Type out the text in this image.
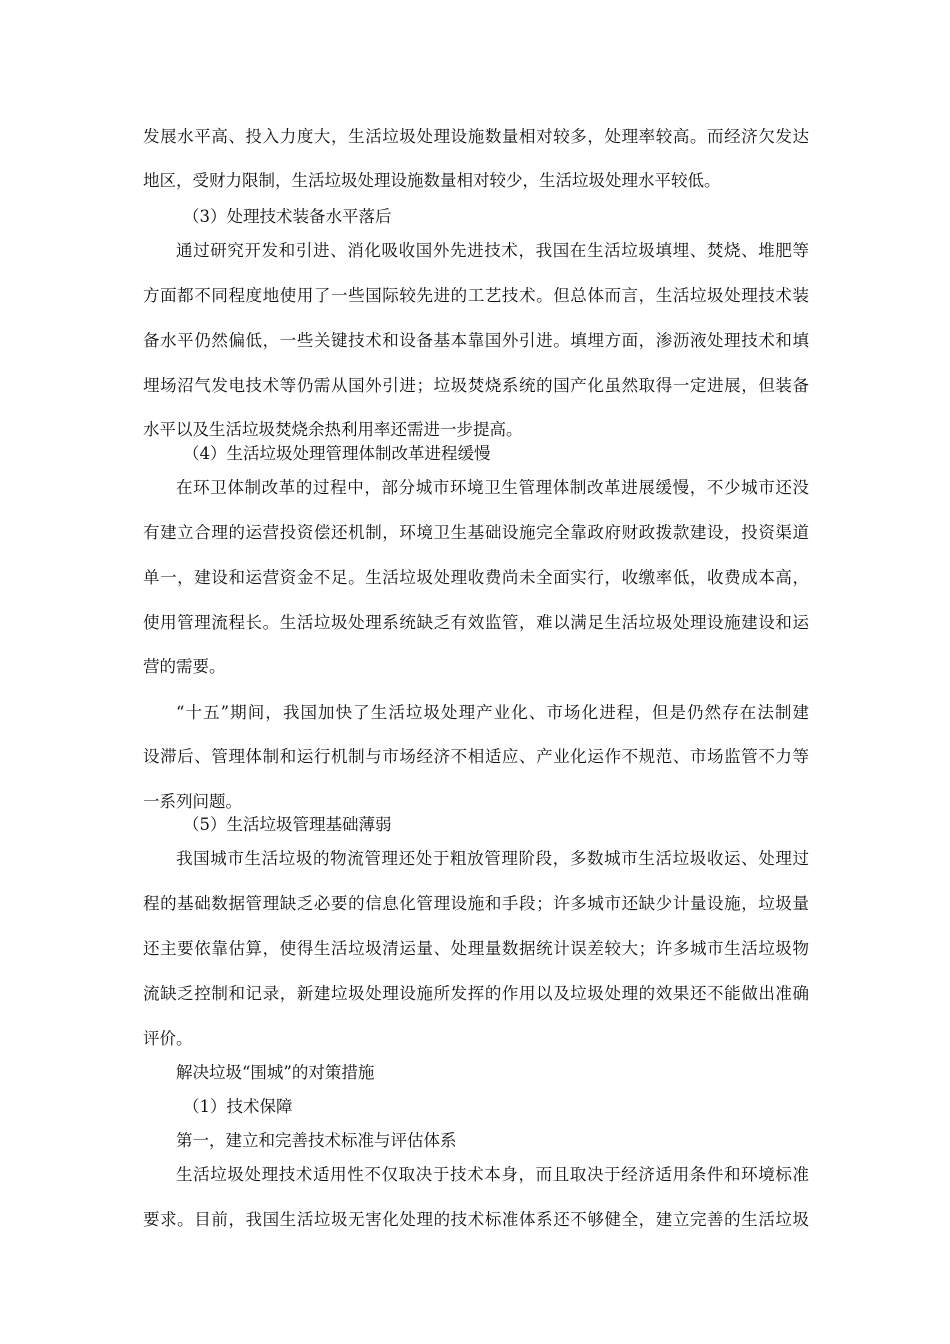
发展水平高、投入力度大，生活垃圾处理设施数量相对较多，处理率较高。而经济欠发达
地区，受财力限制，生活垃圾处理设施数量相对较少，生活垃圾处理水平较低。
（3）处理技术装备水平落后
通过研究开发和引进、消化吸收国外先进技术，我国在生活垃圾填埋、焚烧、堆肥等
方面都不同程度地使用了一些国际较先进的工艺技术。但总体而言，生活垃圾处理技术装
备水平仍然偏低，一些关键技术和设备基本靠国外引进。填埋方面，渗沥液处理技术和填
埋场沼气发电技术等仍需从国外引进；垃圾焚烧系统的国产化虽然取得一定进展，但装备
水平以及生活垃圾焚烧余热利用率还需进一步提高。
（4）生活垃圾处理管理体制改革进程缓慢
在环卫体制改革的过程中，部分城市环境卫生管理体制改革进展缓慢，不少城市还没
有建立合理的运营投资偿还机制，环境卫生基础设施完全靠政府财政拨款建设，投资渠道
单一，建设和运营资金不足。生活垃圾处理收费尚未全面实行，收缴率低，收费成本高，
使用管理流程长。生活垃圾处理系统缺乏有效监管，难以满足生活垃圾处理设施建设和运
营的需要。
“十五”期间，我国加快了生活垃圾处理产业化、市场化进程，但是仍然存在法制建
设滞后、管理体制和运行机制与市场经济不相适应、产业化运作不规范、市场监管不力等
一系列问题。
（5）生活垃圾管理基础薄弱
我国城市生活垃圾的物流管理还处于粗放管理阶段，多数城市生活垃圾收运、处理过
程的基础数据管理缺乏必要的信息化管理设施和手段；许多城市还缺少计量设施，垃圾量
还主要依靠估算，使得生活垃圾清运量、处理量数据统计误差较大；许多城市生活垃圾物
流缺乏控制和记录，新建垃圾处理设施所发挥的作用以及垃圾处理的效果还不能做出准确
评价。
解决垃圾“围城”的对策措施
（1）技术保障
第一，建立和完善技术标准与评估体系
生活垃圾处理技术适用性不仅取决于技术本身，而且取决于经济适用条件和环境标准
要求。目前，我国生活垃圾无害化处理的技术标准体系还不够健全，建立完善的生活垃圾
